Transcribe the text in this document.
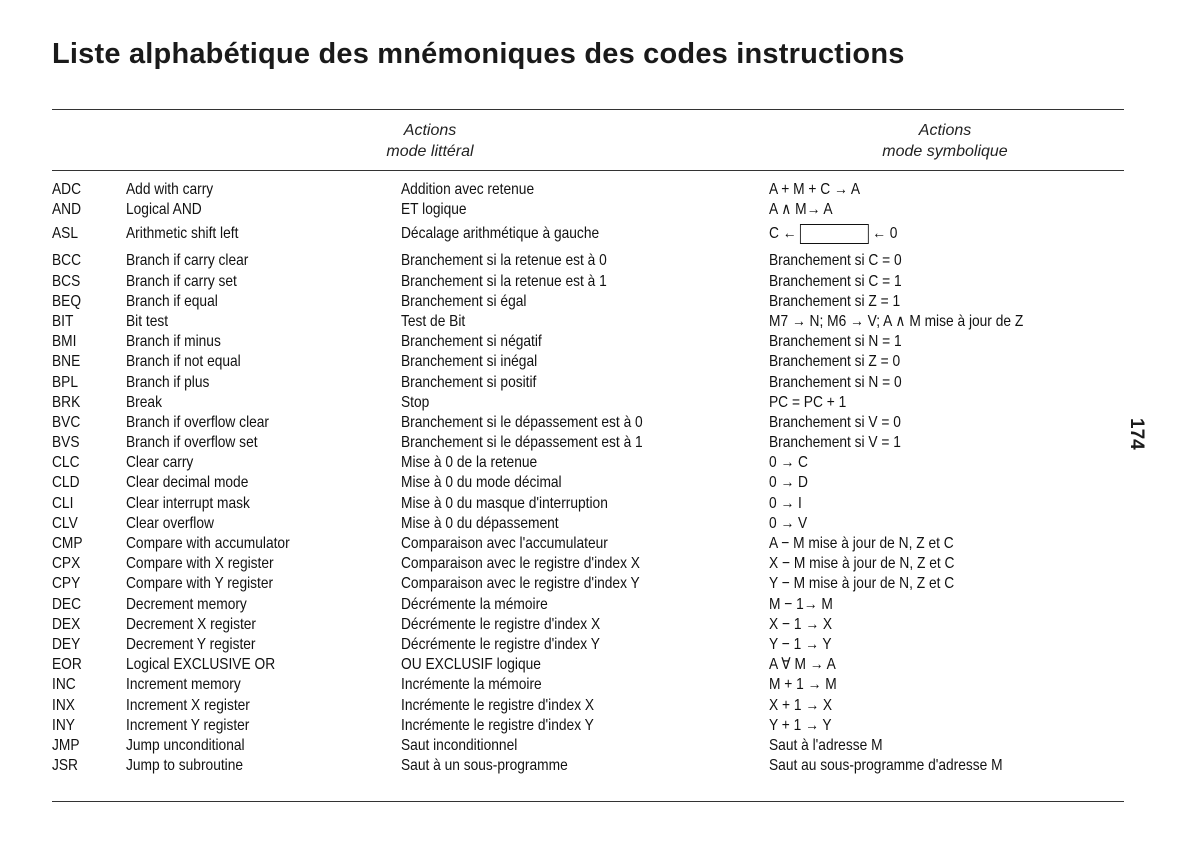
Liste alphabétique des mnémoniques des codes instructions
Actions
mode littéral
Actions
mode symbolique
ADC	Add with carry	Addition avec retenue	A + M + C → A
AND	Logical AND	ET logique	A ∧ M→ A
ASL	Arithmetic shift left	Décalage arithmétique à gauche	C ←	← 0
BCC	Branch if carry clear	Branchement si la retenue est à 0	Branchement si C = 0
BCS	Branch if carry set	Branchement si la retenue est à 1	Branchement si C = 1
BEQ	Branch if equal	Branchement si égal	Branchement si Z = 1
BIT	Bit test	Test de Bit	M7 → N; M6 → V; A ∧ M mise à jour de Z
BMI	Branch if minus	Branchement si négatif	Branchement si N = 1
BNE	Branch if not equal	Branchement si inégal	Branchement si Z = 0
BPL	Branch if plus	Branchement si positif	Branchement si N = 0
BRK	Break	Stop	PC = PC + 1
BVC	Branch if overflow clear	Branchement si le dépassement est à 0	Branchement si V = 0
BVS	Branch if overflow set	Branchement si le dépassement est à 1	Branchement si V = 1
CLC	Clear carry	Mise à 0 de la retenue	0 → C
CLD	Clear decimal mode	Mise à 0 du mode décimal	0 → D
CLI	Clear interrupt mask	Mise à 0 du masque d'interruption	0 → I
CLV	Clear overflow	Mise à 0 du dépassement	0 → V
CMP	Compare with accumulator	Comparaison avec l'accumulateur	A − M mise à jour de N, Z et C
CPX	Compare with X register	Comparaison avec le registre d'index X	X − M mise à jour de N, Z et C
CPY	Compare with Y register	Comparaison avec le registre d'index Y	Y − M mise à jour de N, Z et C
DEC	Decrement memory	Décrémente la mémoire	M − 1→ M
DEX	Decrement X register	Décrémente le registre d'index X	X − 1 → X
DEY	Decrement Y register	Décrémente le registre d'index Y	Y − 1 → Y
EOR	Logical EXCLUSIVE OR	OU EXCLUSIF logique	A ∀ M → A
INC	Increment memory	Incrémente la mémoire	M + 1 → M
INX	Increment X register	Incrémente le registre d'index X	X + 1 → X
INY	Increment Y register	Incrémente le registre d'index Y	Y + 1 → Y
JMP	Jump unconditional	Saut inconditionnel	Saut à l'adresse M
JSR	Jump to subroutine	Saut à un sous-programme	Saut au sous-programme d'adresse M
174
